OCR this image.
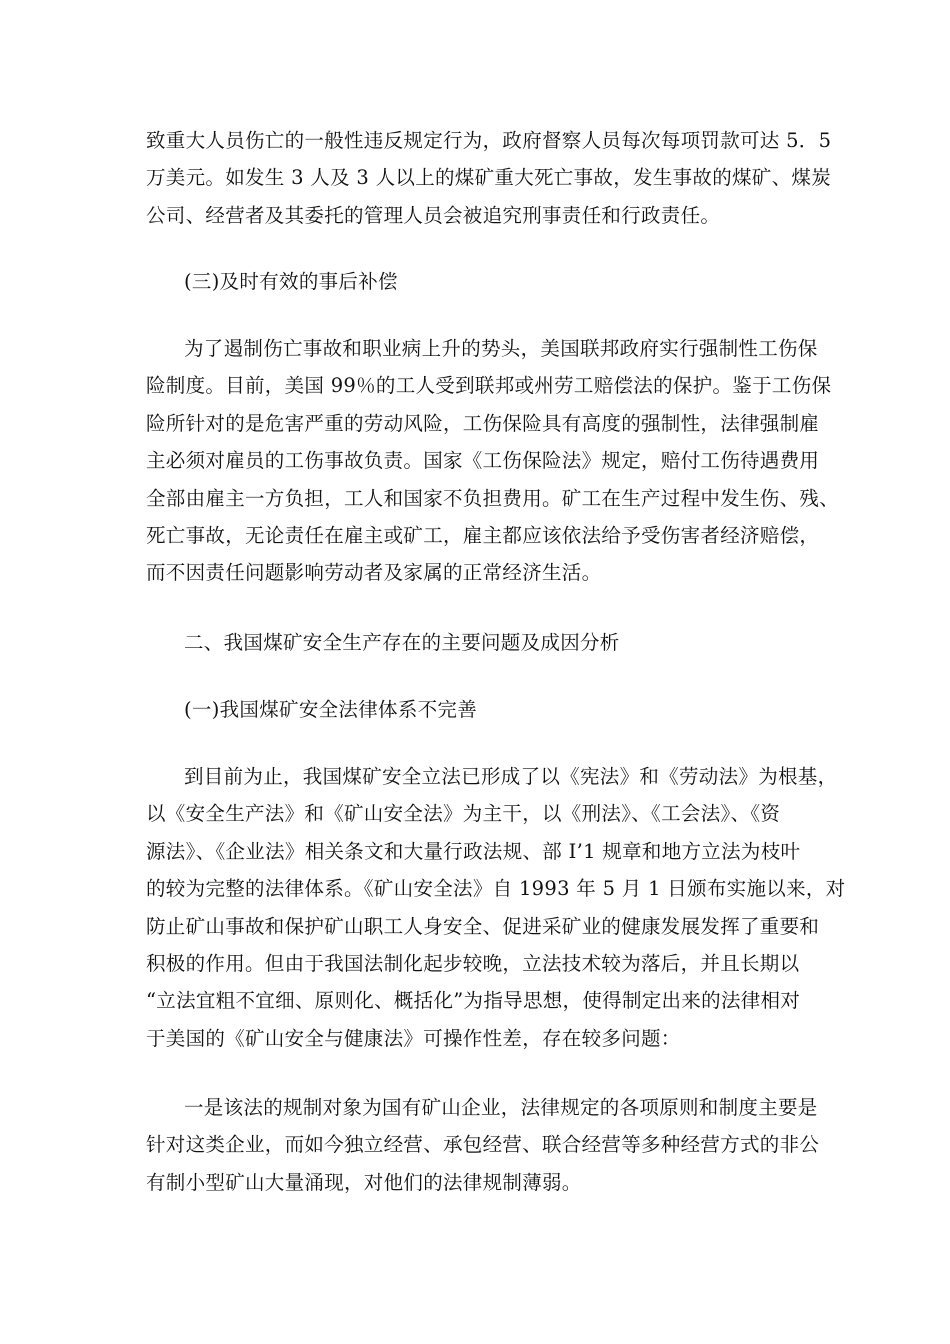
致重大人员伤亡的一般性违反规定行为，政府督察人员每次每项罚款可达 5．5
万美元。如发生 3 人及 3 人以上的煤矿重大死亡事故，发生事故的煤矿、煤炭
公司、经营者及其委托的管理人员会被追究刑事责任和行政责任。
(三)及时有效的事后补偿
为了遏制伤亡事故和职业病上升的势头，美国联邦政府实行强制性工伤保
险制度。目前，美国 99％的工人受到联邦或州劳工赔偿法的保护。鉴于工伤保
险所针对的是危害严重的劳动风险，工伤保险具有高度的强制性，法律强制雇
主必须对雇员的工伤事故负责。国家《工伤保险法》规定，赔付工伤待遇费用
全部由雇主一方负担，工人和国家不负担费用。矿工在生产过程中发生伤、残、
死亡事故，无论责任在雇主或矿工，雇主都应该依法给予受伤害者经济赔偿，
而不因责任问题影响劳动者及家属的正常经济生活。
二、我国煤矿安全生产存在的主要问题及成因分析
(一)我国煤矿安全法律体系不完善
到目前为止，我国煤矿安全立法已形成了以《宪法》和《劳动法》为根基，
以《安全生产法》和《矿山安全法》为主干，以《刑法》、《工会法》、《资
源法》、《企业法》相关条文和大量行政法规、部 I’1 规章和地方立法为枝叶
的较为完整的法律体系。《矿山安全法》自 1993 年 5 月 1 日颁布实施以来，对
防止矿山事故和保护矿山职工人身安全、促进采矿业的健康发展发挥了重要和
积极的作用。但由于我国法制化起步较晚，立法技术较为落后，并且长期以
“立法宜粗不宜细、原则化、概括化”为指导思想，使得制定出来的法律相对
于美国的《矿山安全与健康法》可操作性差，存在较多问题：
一是该法的规制对象为国有矿山企业，法律规定的各项原则和制度主要是
针对这类企业，而如今独立经营、承包经营、联合经营等多种经营方式的非公
有制小型矿山大量涌现，对他们的法律规制薄弱。
